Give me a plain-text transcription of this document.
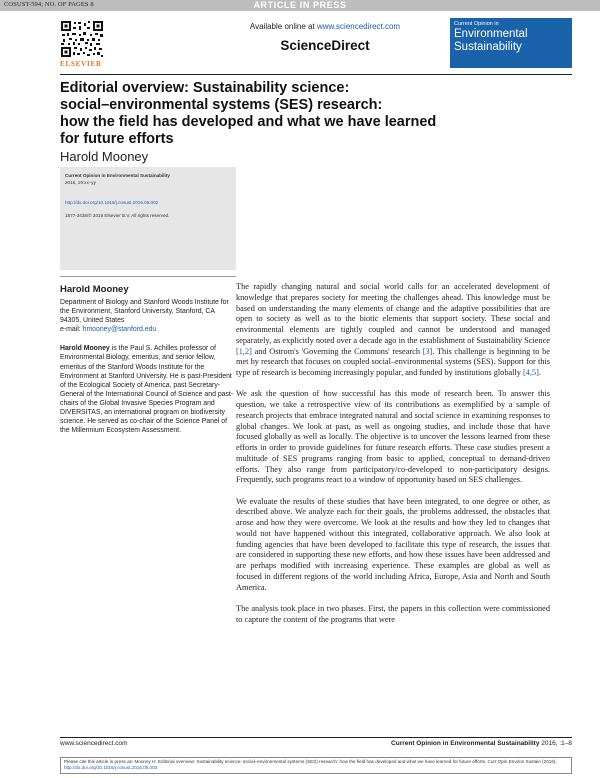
COSUST-594; NO. OF PAGES 8	ARTICLE IN PRESS
ELSEVIER
Available online at www.sciencedirect.com
ScienceDirect
Current Opinion in
Environmental
Sustainability
Editorial overview: Sustainability science:
social–environmental systems (SES) research:
how the field has developed and what we have learned
for future efforts
Harold Mooney
Current Opinion in Environmental Sustainability
2016, 19:xx–yy
http://dx.doi.org/10.1016/j.cosust.2016.05.002
1877-3435/© 2016 Elsevier B.V. All rights reserved.
Harold Mooney
Department of Biology and Stanford Woods Institute for the Environment, Stanford University, Stanford, CA 94305, United States
e-mail: hmooney@stanford.edu
Harold Mooney is the Paul S. Achilles professor of Environmental Biology, emeritus, and senior fellow, emeritus of the Stanford Woods Institute for the Environment at Stanford University. He is past-President of the Ecological Society of America, past Secretary-General of the International Council of Science and past-chairs of the Global Invasive Species Program and DIVERSITAS, an international program on biodiversity science. He served as co-chair of the Science Panel of the Millennium Ecosystem Assessment.

The rapidly changing natural and social world calls for an accelerated development of knowledge that prepares society for meeting the challenges ahead. This knowledge must be based on understanding the many elements of change and the adaptive possibilities that are open to society as well as to the biotic elements that support society. These social and environmental elements are tightly coupled and cannot be understood and managed separately, as explicitly noted over a decade ago in the establishment of Sustainability Science [1,2] and Ostrom's 'Governing the Commons' research [3]. This challenge is beginning to be met by research that focuses on coupled social–environmental systems (SES). Support for this type of research is becoming increasingly popular, and funded by institutions globally [4,5].

We ask the question of how successful has this mode of research been. To answer this question, we take a retrospective view of its contributions as exemplified by a sample of research projects that embrace integrated natural and social science in examining responses to global changes. We look at past, as well as ongoing studies, and include those that have focused globally as well as locally. The objective is to uncover the lessons learned from these efforts in order to provide guidelines for future research efforts. These case studies present a multitude of SES programs ranging from basic to applied, conceptual to demand-driven efforts. They also range from participatory/co-developed to non-participatory designs. Frequently, such programs react to a window of opportunity based on SES challenges.

We evaluate the results of these studies that have been integrated, to one degree or other, as described above. We analyze each for their goals, the problems addressed, the obstacles that arose and how they were overcome. We look at the results and how they led to changes that would not have happened without this integrated, collaborative approach. We also look at funding agencies that have been developed to facilitate this type of research, the issues that are considered in supporting these new efforts, and how these issues have been addressed and are perhaps modified with increasing experience. These examples are global as well as focused in different regions of the world including Africa, Europe, Asia and North and South America.

The analysis took place in two phases. First, the papers in this collection were commissioned to capture the content of the programs that were

www.sciencedirect.com	Current Opinion in Environmental Sustainability 2016, :1–8
Please cite this article in press as: Mooney H: Editorial overview: Sustainability science: social–environmental systems (SES) research: how the field has developed and what we have learned for future efforts, Curr Opin Environ Sustain (2016), http://dx.doi.org/10.1016/j.cosust.2016.05.002
